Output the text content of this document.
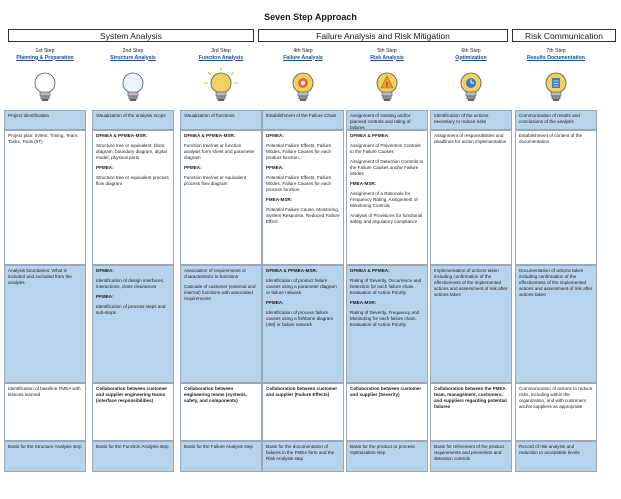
Seven Step Approach
System Analysis	Failure Analysis and Risk Mitigation	Risk Communication
1st Step
Planning & Preparation
2nd Step
Structure Analysis
3rd Step
Function Analysis
4th Step
Failure Analysis
5th Step
Risk Analysis
!
6th Step
Optimization
7th Step
Results Documentation
Project identification
Project plan: InTent, Timing, Team, Tasks, Tools (5T)
Analysis boundaries: What is included and excluded from the analysis
Identification of baseline FMEA with lessons learned
Basis for the Structure Analysis step
Visualization of the analysis scope
DFMEA & PFMEA-MSR:
Structure tree or equivalent: block diagram, boundary diagram, digital model, physical parts
PFMEA:
Structure tree or equivalent process flow diagram
DFMEA:
Identification of design interfaces, interactions, close clearances
PFMEA:
Identification of process steps and sub-steps
Collaboration between customer and supplier engineering teams (interface responsibilities)
Basis for the Function Analysis step
Visualization of functions
DFMEA & PFMEA-MSR:
Function tree/net or function analysis form sheet and parameter diagram
PFMEA:
Function tree/net or equivalent process flow diagram
Association of requirements or characteristics to functions
Cascade of customer (external and internal) functions with associated requirements
Collaboration between engineering teams (systems, safety, and components)
Basis for the Failure Analysis step
Establishment of the Failure Chain
DFMEA:
Potential Failure Effects, Failure Modes, Failure Causes for each product function.
PFMEA:
Potential Failure Effects, Failure Modes, Failure Causes for each process function
FMEA-MSR:
Potential Failure Cause, Monitoring, System Response, Reduced Failure Effect
DFMEA & PFMEA-MSR:
Identification of product failure causes using a parameter diagram or failure network
PFMEA:
Identification of process failure causes using a fishbone diagram (4M) or failure network
Collaboration between customer and supplier (Failure Effects)
Basis for the documentation of failures in the FMEA form and the Risk Analysis step
Assignment of existing and/or planned controls and rating of failures
DFMEA & PFMEA:
Assignment of Prevention Controls to the Failure Causes
Assignment of Detection Controls to the Failure Causes and/or Failure Modes
FMEA-MSR:
Assignment of a Rationale for Frequency Rating. Assignment of Monitoring Controls
Analysis of Provisions for functional safety and regulatory compliance
DFMEA & PFMEA:
Rating of Severity, Occurrence and Detection for each failure chain. Evaluation of Action Priority
FMEA-MSR:
Rating of Severity, Frequency and Monitoring for each failure chain. Evaluation of Action Priority
Collaboration between customer and supplier (Severity)
Basis for the product or process Optimization step
Identification of the actions necessary to reduce risks
Assignment of responsibilities and deadlines for action implementation
Implementation of actions taken including confirmation of the effectiveness of the implemented actions and assessment of risk after actions taken
Collaboration between the FMEA team, management, customers, and suppliers regarding potential failures
Basis for refinement of the product requirements and prevention and detection controls
Communication of results and conclusions of the analysis
Establishment of content of the documentation
Documentation of actions taken including confirmation of the effectiveness of the implemented actions and assessment of risk after actions taken
Communication of actions to reduce risks, including within the organization, and with customers and/or suppliers as appropriate
Record of risk analysis and reduction to acceptable levels
